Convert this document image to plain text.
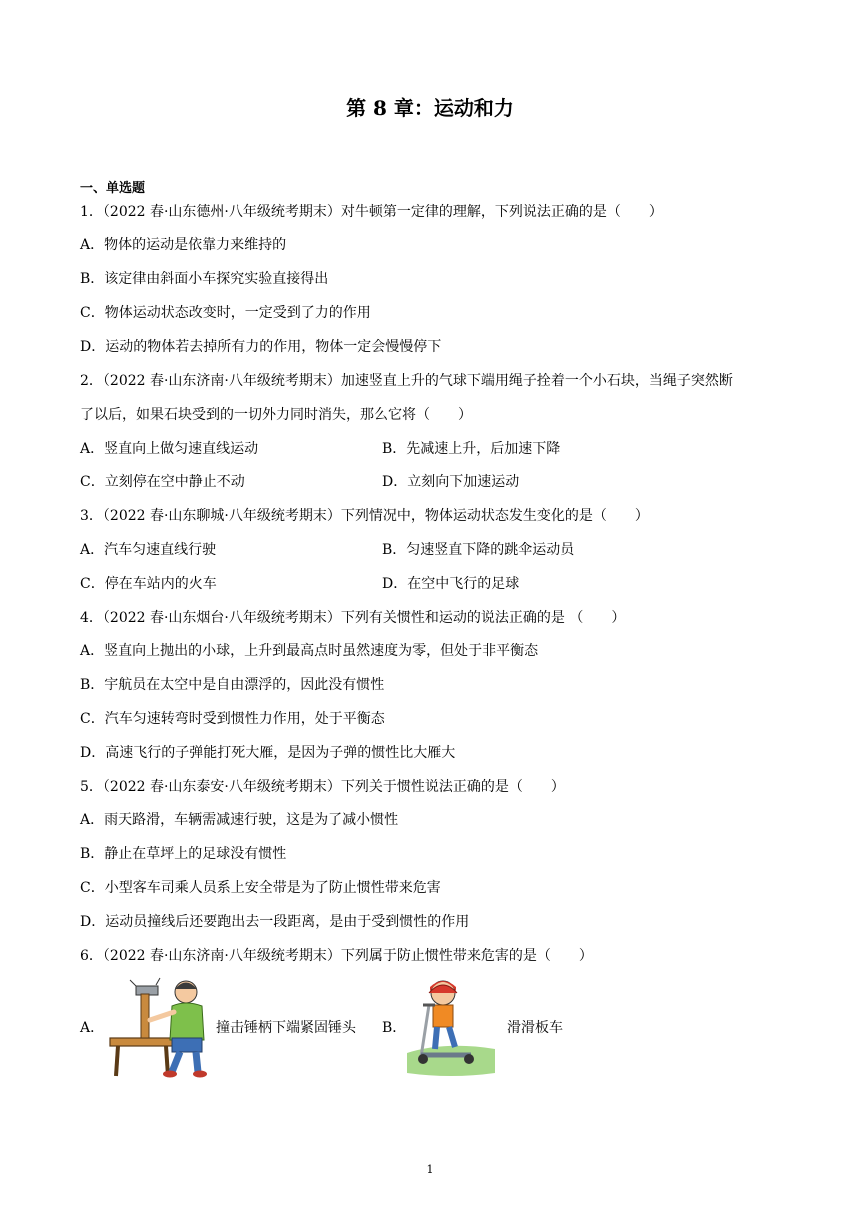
第 8 章：运动和力
一、单选题
1．（2022 春·山东德州·八年级统考期末）对牛顿第一定律的理解，下列说法正确的是（　　）
A．物体的运动是依靠力来维持的
B．该定律由斜面小车探究实验直接得出
C．物体运动状态改变时，一定受到了力的作用
D．运动的物体若去掉所有力的作用，物体一定会慢慢停下
2．（2022 春·山东济南·八年级统考期末）加速竖直上升的气球下端用绳子拴着一个小石块，当绳子突然断
了以后，如果石块受到的一切外力同时消失，那么它将（　　）
A．竖直向上做匀速直线运动	B．先减速上升，后加速下降
C．立刻停在空中静止不动	D．立刻向下加速运动
3．（2022 春·山东聊城·八年级统考期末）下列情况中，物体运动状态发生变化的是（　　）
A．汽车匀速直线行驶	B．匀速竖直下降的跳伞运动员
C．停在车站内的火车	D．在空中飞行的足球
4．（2022 春·山东烟台·八年级统考期末）下列有关惯性和运动的说法正确的是 （　　）
A．竖直向上抛出的小球，上升到最高点时虽然速度为零，但处于非平衡态
B．宇航员在太空中是自由漂浮的，因此没有惯性
C．汽车匀速转弯时受到惯性力作用，处于平衡态
D．高速飞行的子弹能打死大雁，是因为子弹的惯性比大雁大
5．（2022 春·山东泰安·八年级统考期末）下列关于惯性说法正确的是（　　）
A．雨天路滑，车辆需减速行驶，这是为了减小惯性
B．静止在草坪上的足球没有惯性
C．小型客车司乘人员系上安全带是为了防止惯性带来危害
D．运动员撞线后还要跑出去一段距离，是由于受到惯性的作用
6．（2022 春·山东济南·八年级统考期末）下列属于防止惯性带来危害的是（　　）
A．	撞击锤柄下端紧固锤头 B．	滑滑板车
1
